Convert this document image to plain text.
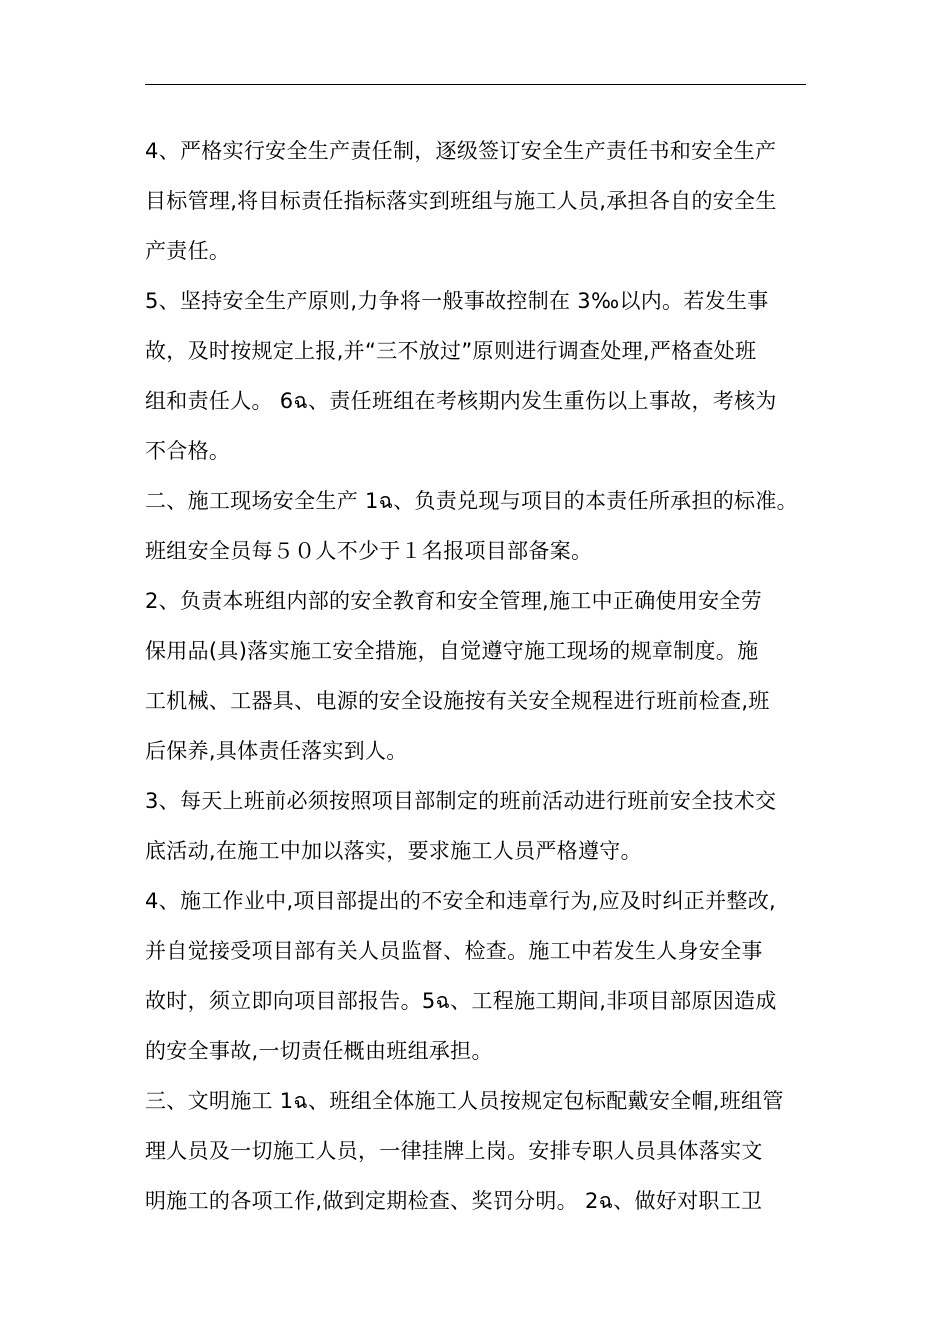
4、严格实行安全生产责任制，逐级签订安全生产责任书和安全生产
目标管理,将目标责任指标落实到班组与施工人员,承担各自的安全生
产责任。
5、坚持安全生产原则,力争将一般事故控制在 3‰以内。若发生事
故，及时按规定上报,并“三不放过”原则进行调查处理,严格查处班
组和责任人。 6ฉ、责任班组在考核期内发生重伤以上事故，考核为
不合格。
二、施工现场安全生产 1ฉ、负责兑现与项目的本责任所承担的标准。
班组安全员每５０人不少于１名报项目部备案。
2、负责本班组内部的安全教育和安全管理,施工中正确使用安全劳
保用品(具)落实施工安全措施，自觉遵守施工现场的规章制度。施
工机械、工器具、电源的安全设施按有关安全规程进行班前检查,班
后保养,具体责任落实到人。
3、每天上班前必须按照项目部制定的班前活动进行班前安全技术交
底活动,在施工中加以落实，要求施工人员严格遵守。
4、施工作业中,项目部提出的不安全和违章行为,应及时纠正并整改,
并自觉接受项目部有关人员监督、检查。施工中若发生人身安全事
故时，须立即向项目部报告。5ฉ、工程施工期间,非项目部原因造成
的安全事故,一切责任概由班组承担。
三、文明施工 1ฉ、班组全体施工人员按规定包标配戴安全帽,班组管
理人员及一切施工人员，一律挂牌上岗。安排专职人员具体落实文
明施工的各项工作,做到定期检查、奖罚分明。 2ฉ、做好对职工卫
